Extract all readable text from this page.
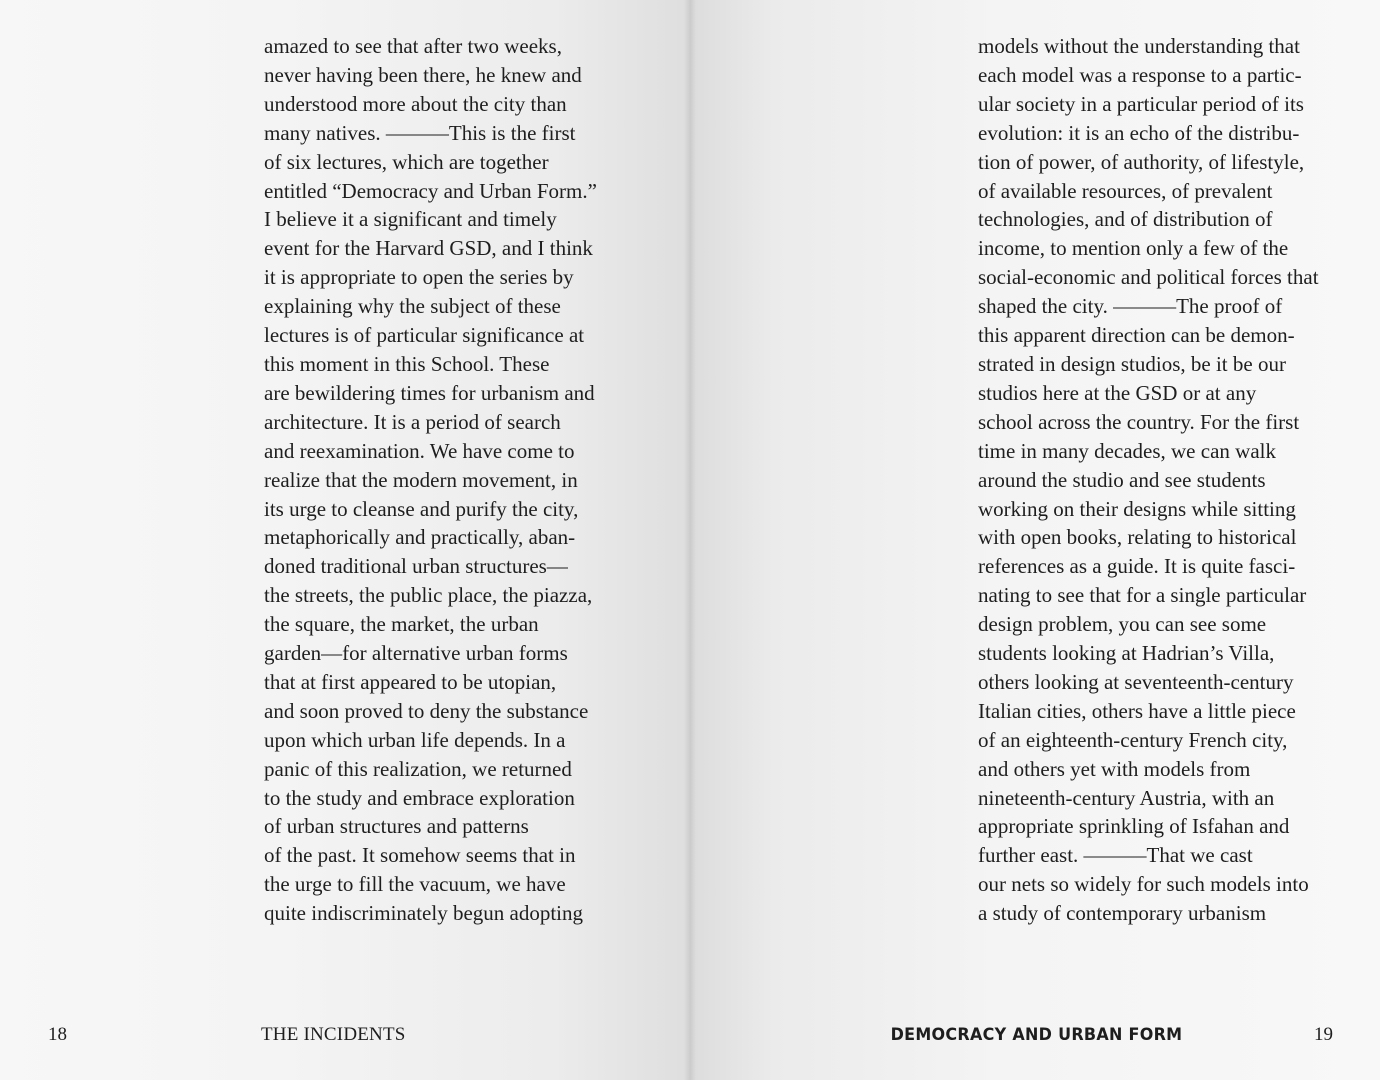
amazed to see that after two weeks,
never having been there, he knew and
understood more about the city than
many natives. ———This is the first
of six lectures, which are together
entitled “Democracy and Urban Form.”
I believe it a significant and timely
event for the Harvard GSD, and I think
it is appropriate to open the series by
explaining why the subject of these
lectures is of particular significance at
this moment in this School. These
are bewildering times for urbanism and
architecture. It is a period of search
and reexamination. We have come to
realize that the modern movement, in
its urge to cleanse and purify the city,
metaphorically and practically, aban-
doned traditional urban structures—
the streets, the public place, the piazza,
the square, the market, the urban
garden—for alternative urban forms
that at first appeared to be utopian,
and soon proved to deny the substance
upon which urban life depends. In a
panic of this realization, we returned
to the study and embrace exploration
of urban structures and patterns
of the past. It somehow seems that in
the urge to fill the vacuum, we have
quite indiscriminately begun adopting

18	THE INCIDENTS

models without the understanding that
each model was a response to a partic-
ular society in a particular period of its
evolution: it is an echo of the distribu-
tion of power, of authority, of lifestyle,
of available resources, of prevalent
technologies, and of distribution of
income, to mention only a few of the
social-economic and political forces that
shaped the city. ———The proof of
this apparent direction can be demon-
strated in design studios, be it be our
studios here at the GSD or at any
school across the country. For the first
time in many decades, we can walk
around the studio and see students
working on their designs while sitting
with open books, relating to historical
references as a guide. It is quite fasci-
nating to see that for a single particular
design problem, you can see some
students looking at Hadrian’s Villa,
others looking at seventeenth-century
Italian cities, others have a little piece
of an eighteenth-century French city,
and others yet with models from
nineteenth-century Austria, with an
appropriate sprinkling of Isfahan and
further east. ———That we cast
our nets so widely for such models into
a study of contemporary urbanism

DEMOCRACY AND URBAN FORM	19
